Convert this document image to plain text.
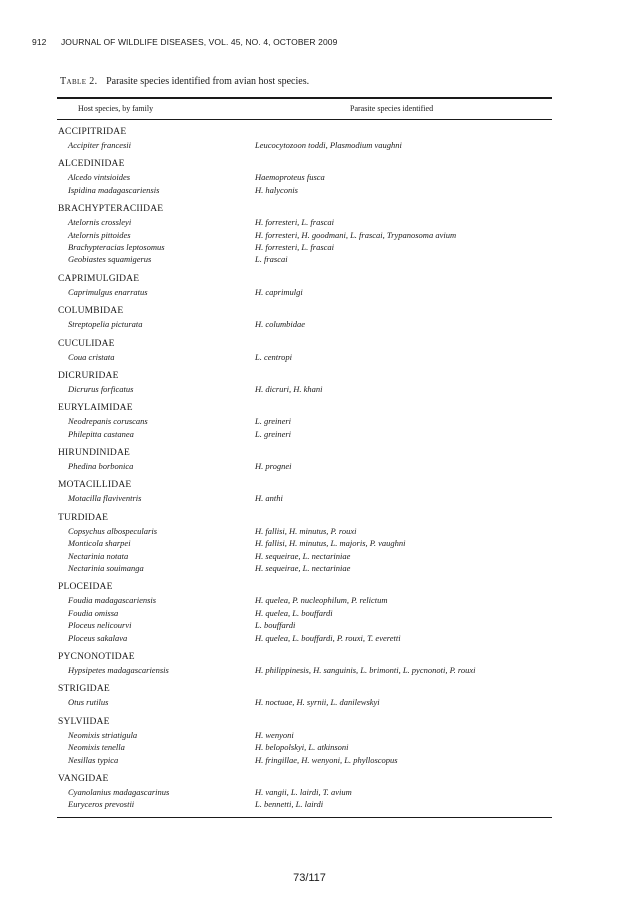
912 JOURNAL OF WILDLIFE DISEASES, VOL. 45, NO. 4, OCTOBER 2009
Table 2. Parasite species identified from avian host species.
Host species, by family	Parasite species identified
ACCIPITRIDAE
Accipiter francesii	Leucocytozoon toddi, Plasmodium vaughni
ALCEDINIDAE
Alcedo vintsioides	Haemoproteus fusca
Ispidina madagascariensis	H. halyconis
BRACHYPTERACIIDAE
Atelornis crossleyi	H. forresteri, L. frascai
Atelornis pittoides	H. forresteri, H. goodmani, L. frascai, Trypanosoma avium
Brachypteracias leptosomus	H. forresteri, L. frascai
Geobiastes squamigerus	L. frascai
CAPRIMULGIDAE
Caprimulgus enarratus	H. caprimulgi
COLUMBIDAE
Streptopelia picturata	H. columbidae
CUCULIDAE
Coua cristata	L. centropi
DICRURIDAE
Dicrurus forficatus	H. dicruri, H. khani
EURYLAIMIDAE
Neodrepanis coruscans	L. greineri
Philepitta castanea	L. greineri
HIRUNDINIDAE
Phedina borbonica	H. prognei
MOTACILLIDAE
Motacilla flaviventris	H. anthi
TURDIDAE
Copsychus albospecularis	H. fallisi, H. minutus, P. rouxi
Monticola sharpei	H. fallisi, H. minutus, L. majoris, P. vaughni
Nectarinia notata	H. sequeirae, L. nectariniae
Nectarinia souimanga	H. sequeirae, L. nectariniae
PLOCEIDAE
Foudia madagascariensis	H. quelea, P. nucleophilum, P. relictum
Foudia omissa	H. quelea, L. bouffardi
Ploceus nelicourvi	L. bouffardi
Ploceus sakalava	H. quelea, L. bouffardi, P. rouxi, T. everetti
PYCNONOTIDAE
Hypsipetes madagascariensis	H. philippinesis, H. sanguinis, L. brimonti, L. pycnonoti, P. rouxi
STRIGIDAE
Otus rutilus	H. noctuae, H. syrnii, L. danilewskyi
SYLVIIDAE
Neomixis striatigula	H. wenyoni
Neomixis tenella	H. belopolskyi, L. atkinsoni
Nesillas typica	H. fringillae, H. wenyoni, L. phylloscopus
VANGIDAE
Cyanolanius madagascarinus	H. vangii, L. lairdi, T. avium
Euryceros prevostii	L. bennetti, L. lairdi
73/117
